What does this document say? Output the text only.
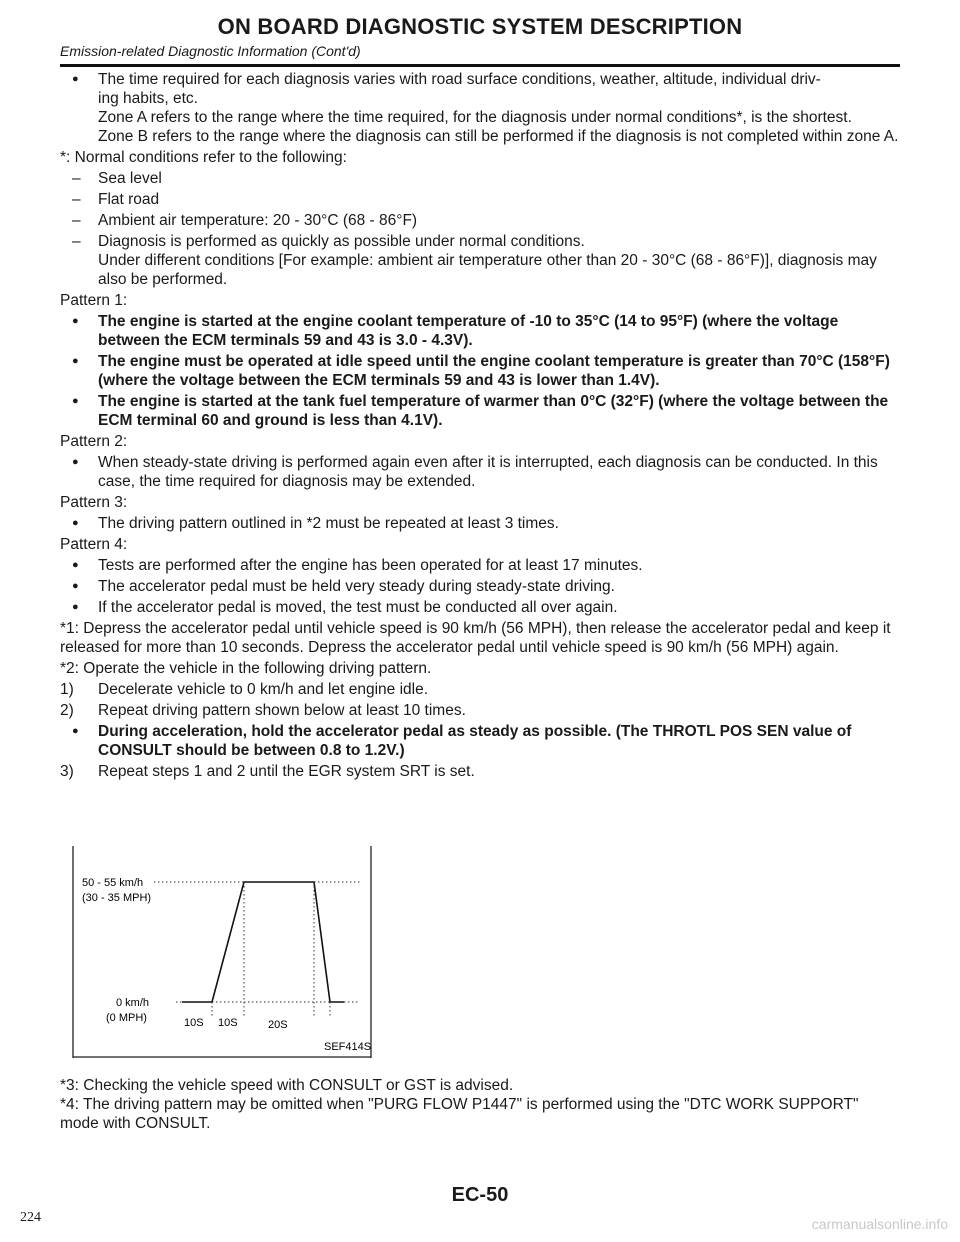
ON BOARD DIAGNOSTIC SYSTEM DESCRIPTION
Emission-related Diagnostic Information (Cont'd)
● The time required for each diagnosis varies with road surface conditions, weather, altitude, individual driv-
ing habits, etc.
Zone A refers to the range where the time required, for the diagnosis under normal conditions*, is the shortest.
Zone B refers to the range where the diagnosis can still be performed if the diagnosis is not completed within zone A.
*: Normal conditions refer to the following:
– Sea level
– Flat road
– Ambient air temperature: 20 - 30°C (68 - 86°F)
– Diagnosis is performed as quickly as possible under normal conditions.
Under different conditions [For example: ambient air temperature other than 20 - 30°C (68 - 86°F)], diagnosis may also be performed.
Pattern 1:
● The engine is started at the engine coolant temperature of -10 to 35°C (14 to 95°F) (where the voltage between the ECM terminals 59 and 43 is 3.0 - 4.3V).
● The engine must be operated at idle speed until the engine coolant temperature is greater than 70°C (158°F) (where the voltage between the ECM terminals 59 and 43 is lower than 1.4V).
● The engine is started at the tank fuel temperature of warmer than 0°C (32°F) (where the voltage between the ECM terminal 60 and ground is less than 4.1V).
Pattern 2:
● When steady-state driving is performed again even after it is interrupted, each diagnosis can be conducted. In this case, the time required for diagnosis may be extended.
Pattern 3:
● The driving pattern outlined in *2 must be repeated at least 3 times.
Pattern 4:
● Tests are performed after the engine has been operated for at least 17 minutes.
● The accelerator pedal must be held very steady during steady-state driving.
● If the accelerator pedal is moved, the test must be conducted all over again.
*1: Depress the accelerator pedal until vehicle speed is 90 km/h (56 MPH), then release the accelerator pedal and keep it released for more than 10 seconds. Depress the accelerator pedal until vehicle speed is 90 km/h (56 MPH) again.
*2: Operate the vehicle in the following driving pattern.
1) Decelerate vehicle to 0 km/h and let engine idle.
2) Repeat driving pattern shown below at least 10 times.
● During acceleration, hold the accelerator pedal as steady as possible. (The THROTL POS SEN value of CONSULT should be between 0.8 to 1.2V.)
3) Repeat steps 1 and 2 until the EGR system SRT is set.
50 - 55 km/h
(30 - 35 MPH)
0 km/h
(0 MPH)	10S 10S	20S
SEF414S
*3: Checking the vehicle speed with CONSULT or GST is advised.
*4: The driving pattern may be omitted when "PURG FLOW P1447" is performed using the "DTC WORK SUPPORT" mode with CONSULT.
EC-50
224	carmanualsonline.info
